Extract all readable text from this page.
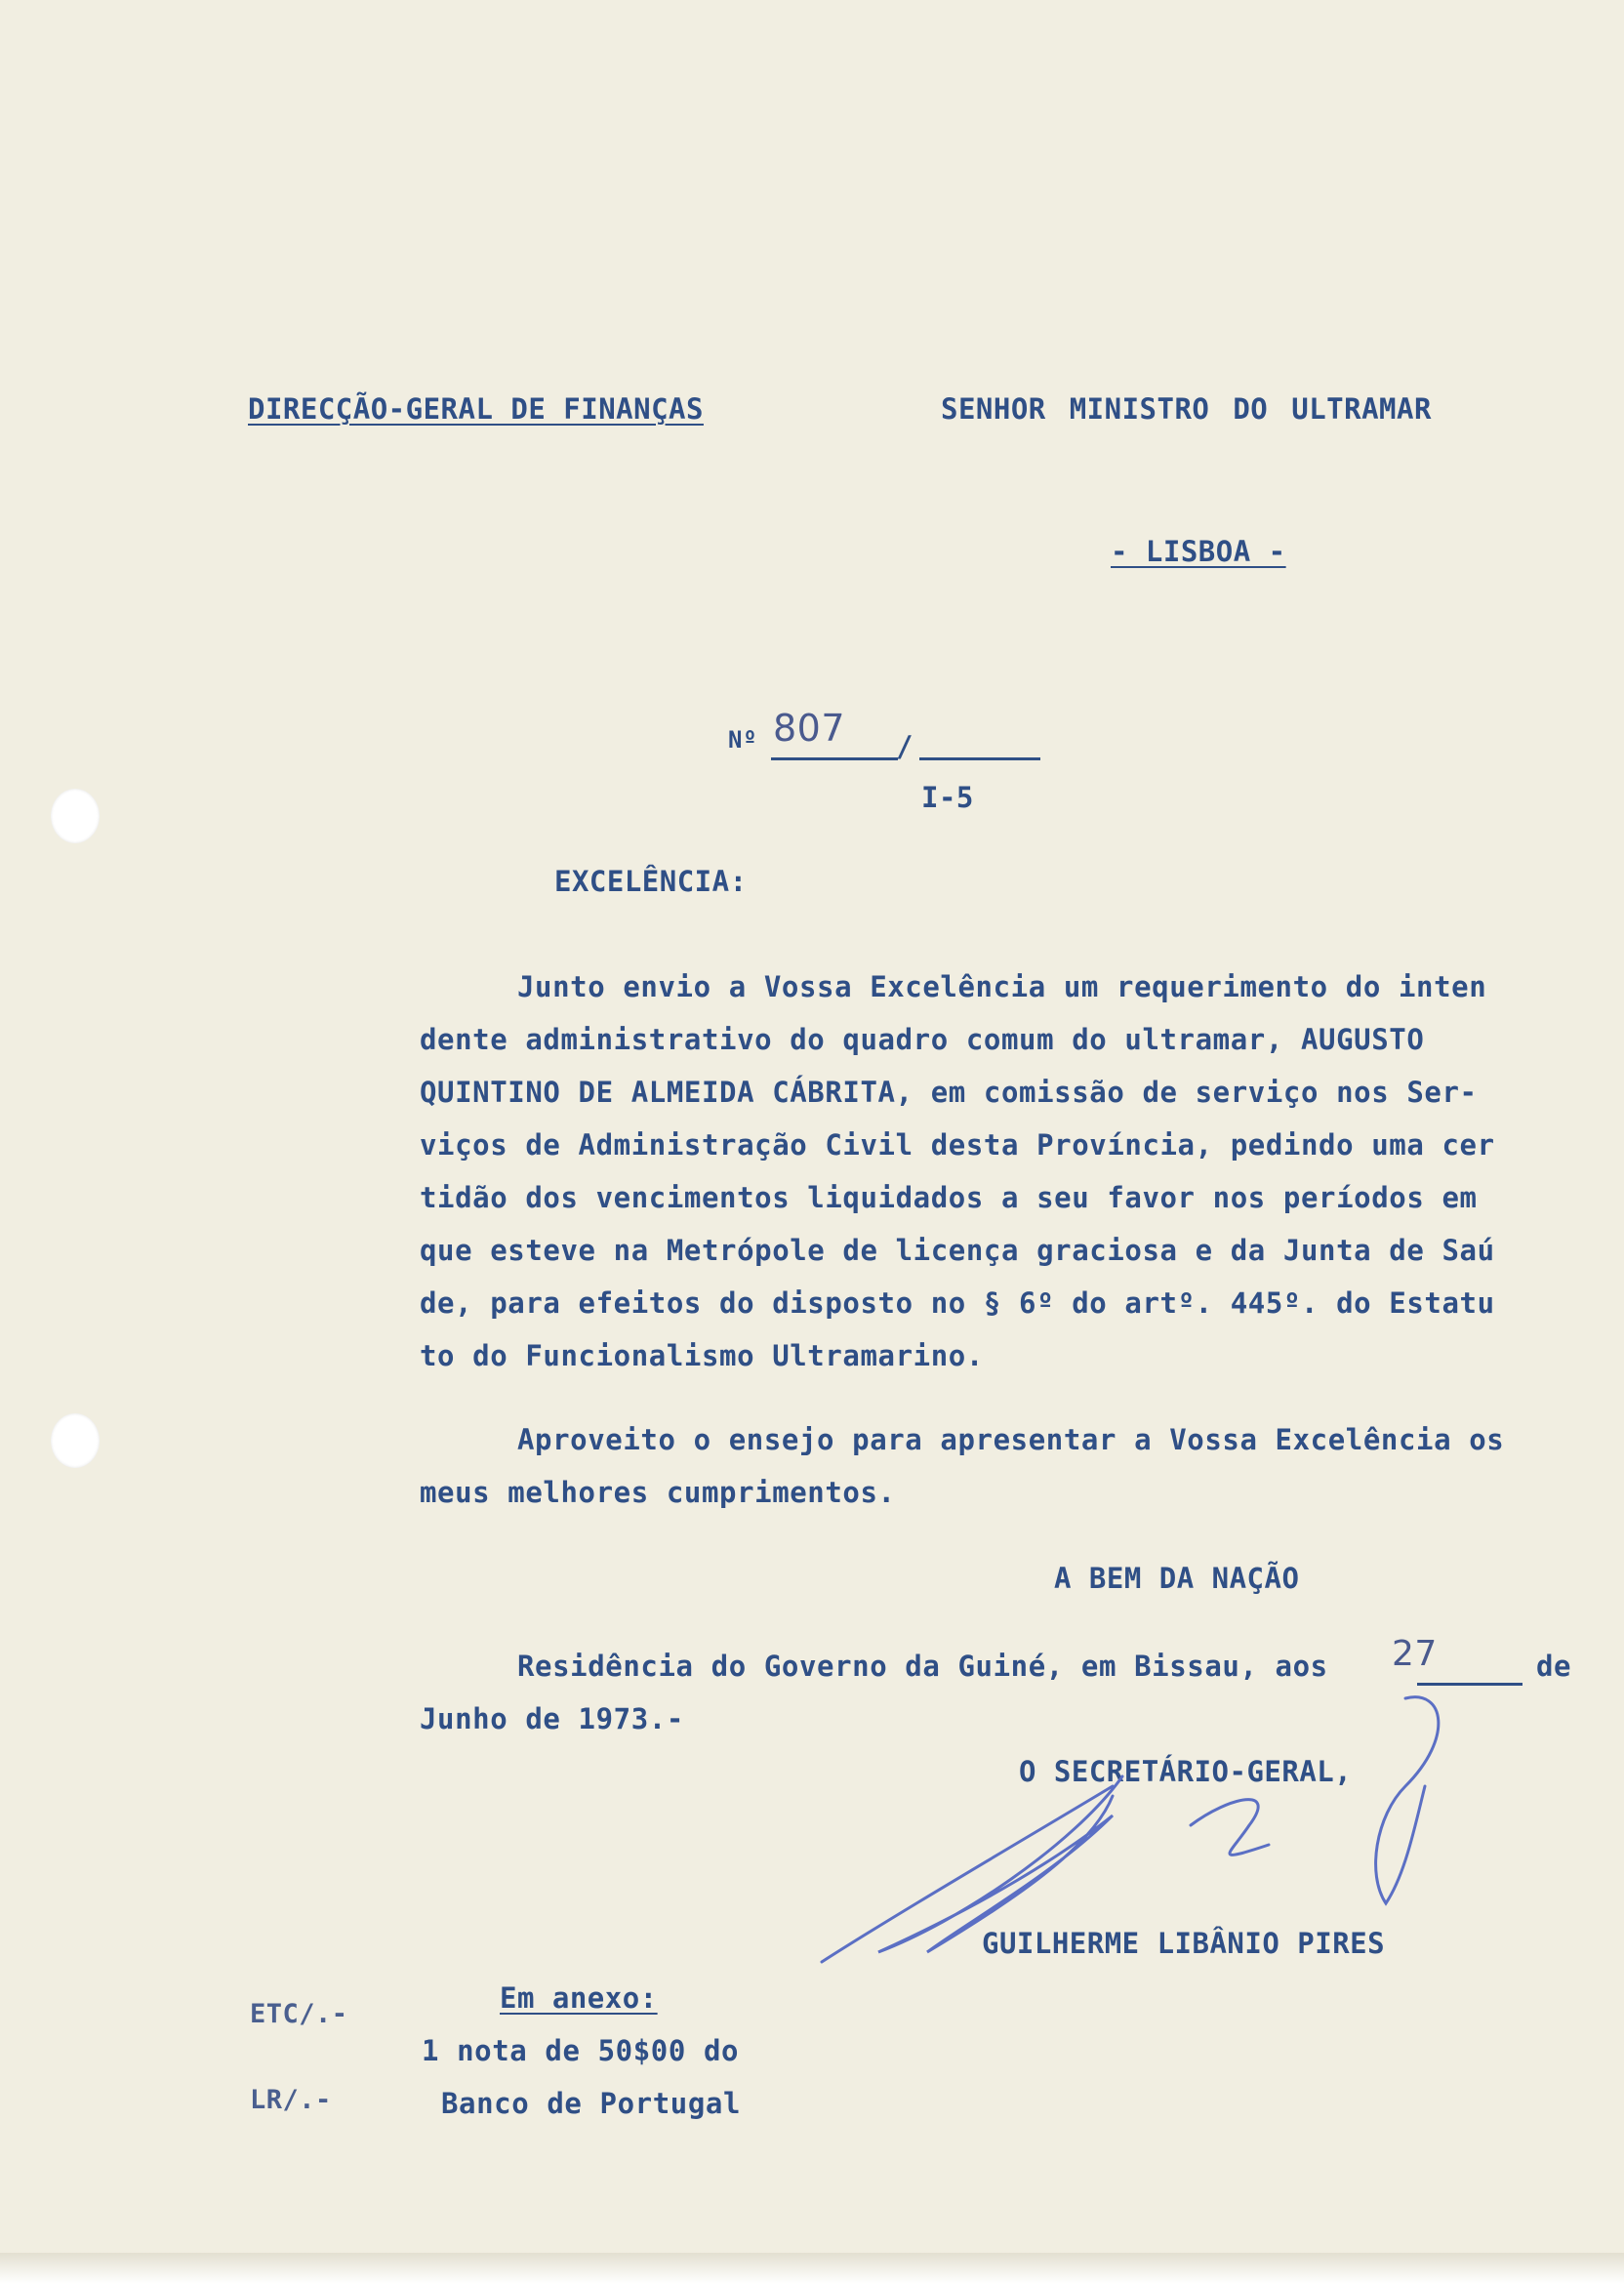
DIRECÇÃO-GERAL DE FINANÇAS	SENHOR MINISTRO DO ULTRAMAR
- LISBOA -
Nº 807 /
I-5
EXCELÊNCIA:
Junto envio a Vossa Excelência um requerimento do inten
dente administrativo do quadro comum do ultramar, AUGUSTO
QUINTINO DE ALMEIDA CÁBRITA, em comissão de serviço nos Ser-
viços de Administração Civil desta Província, pedindo uma cer
tidão dos vencimentos liquidados a seu favor nos períodos em
que esteve na Metrópole de licença graciosa e da Junta de Saú
de, para efeitos do disposto no § 6º do artº. 445º. do Estatu
to do Funcionalismo Ultramarino.
Aproveito o ensejo para apresentar a Vossa Excelência os
meus melhores cumprimentos.
A BEM DA NAÇÃO
Residência do Governo da Guiné, em Bissau, aos 27	de
Junho de 1973.-
O SECRETÁRIO-GERAL,
GUILHERME LIBÂNIO PIRES
ETC/.-
LR/.-
Em anexo:
1 nota de 50$00 do
Banco de Portugal
